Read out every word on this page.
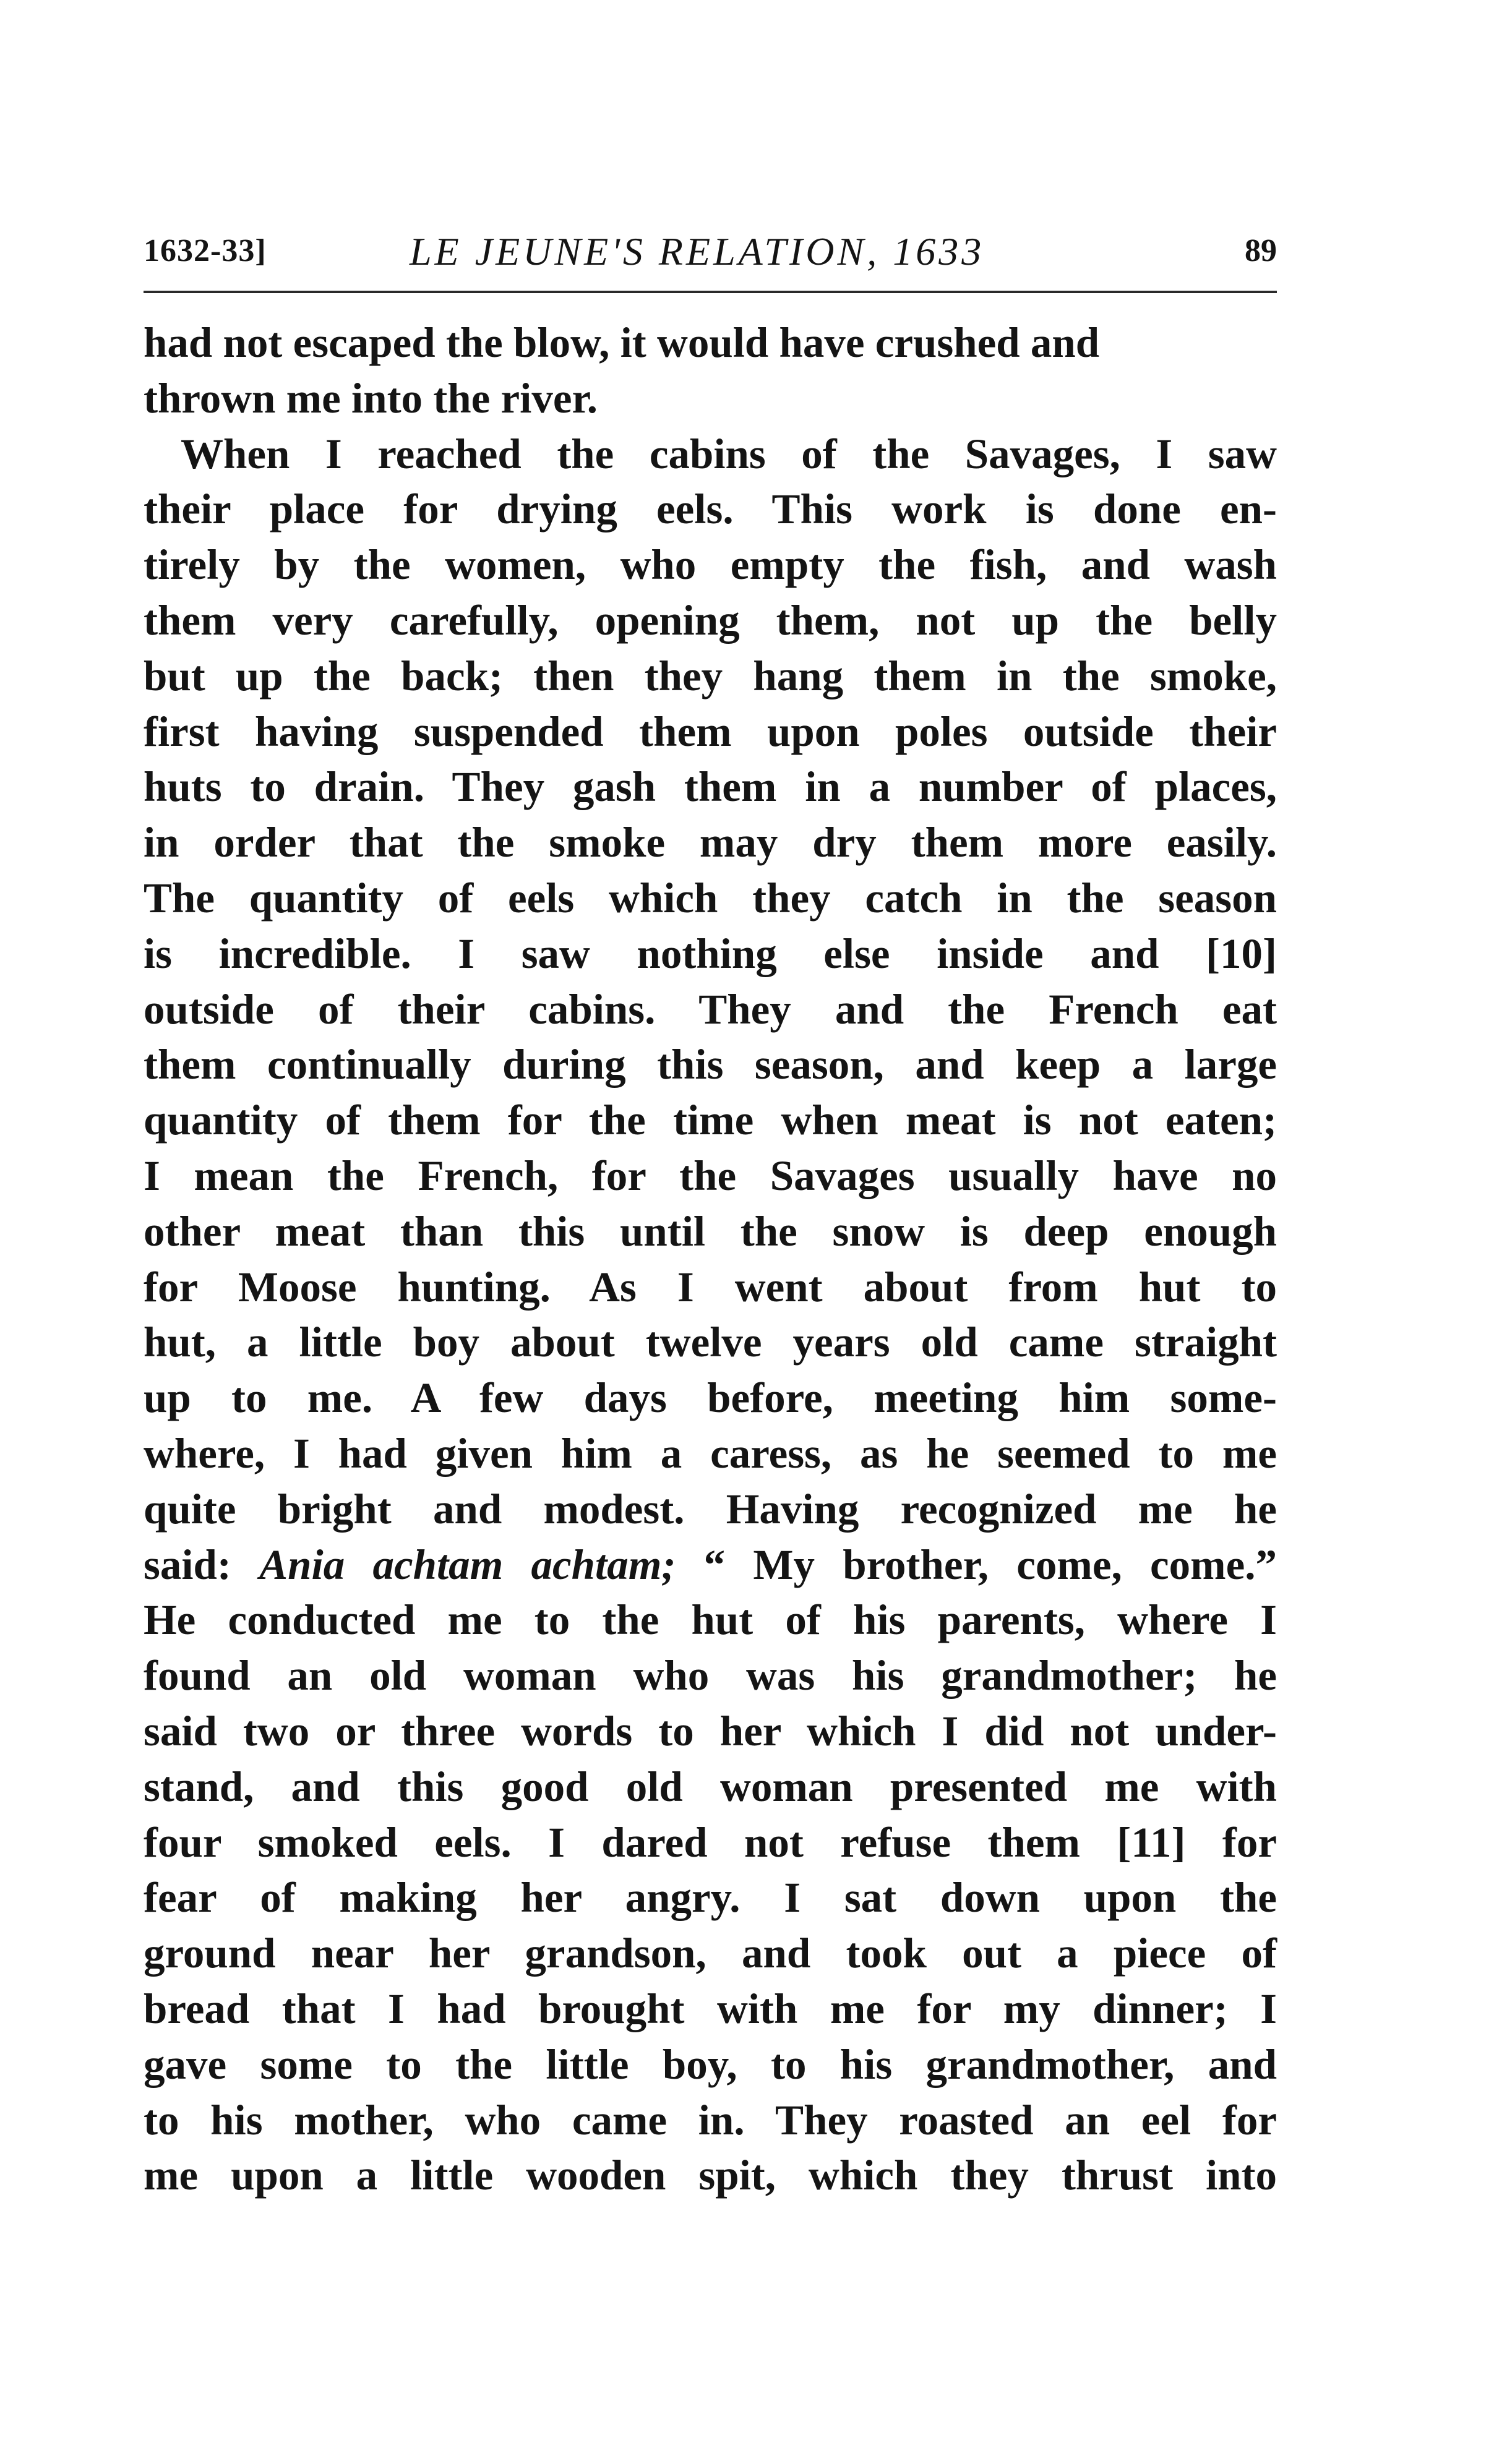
1632-33]	LE JEUNE'S RELATION, 1633	89
had not escaped the blow, it would have crushed and
thrown me into the river.
When I reached the cabins of the Savages, I saw
their place for drying eels. This work is done en-
tirely by the women, who empty the fish, and wash
them very carefully, opening them, not up the belly
but up the back; then they hang them in the smoke,
first having suspended them upon poles outside their
huts to drain. They gash them in a number of places,
in order that the smoke may dry them more easily.
The quantity of eels which they catch in the season
is incredible. I saw nothing else inside and [10]
outside of their cabins. They and the French eat
them continually during this season, and keep a large
quantity of them for the time when meat is not eaten;
I mean the French, for the Savages usually have no
other meat than this until the snow is deep enough
for Moose hunting. As I went about from hut to
hut, a little boy about twelve years old came straight
up to me. A few days before, meeting him some-
where, I had given him a caress, as he seemed to me
quite bright and modest. Having recognized me he
said: Ania achtam achtam; “ My brother, come, come.”
He conducted me to the hut of his parents, where I
found an old woman who was his grandmother; he
said two or three words to her which I did not under-
stand, and this good old woman presented me with
four smoked eels. I dared not refuse them [11] for
fear of making her angry. I sat down upon the
ground near her grandson, and took out a piece of
bread that I had brought with me for my dinner; I
gave some to the little boy, to his grandmother, and
to his mother, who came in. They roasted an eel for
me upon a little wooden spit, which they thrust into
